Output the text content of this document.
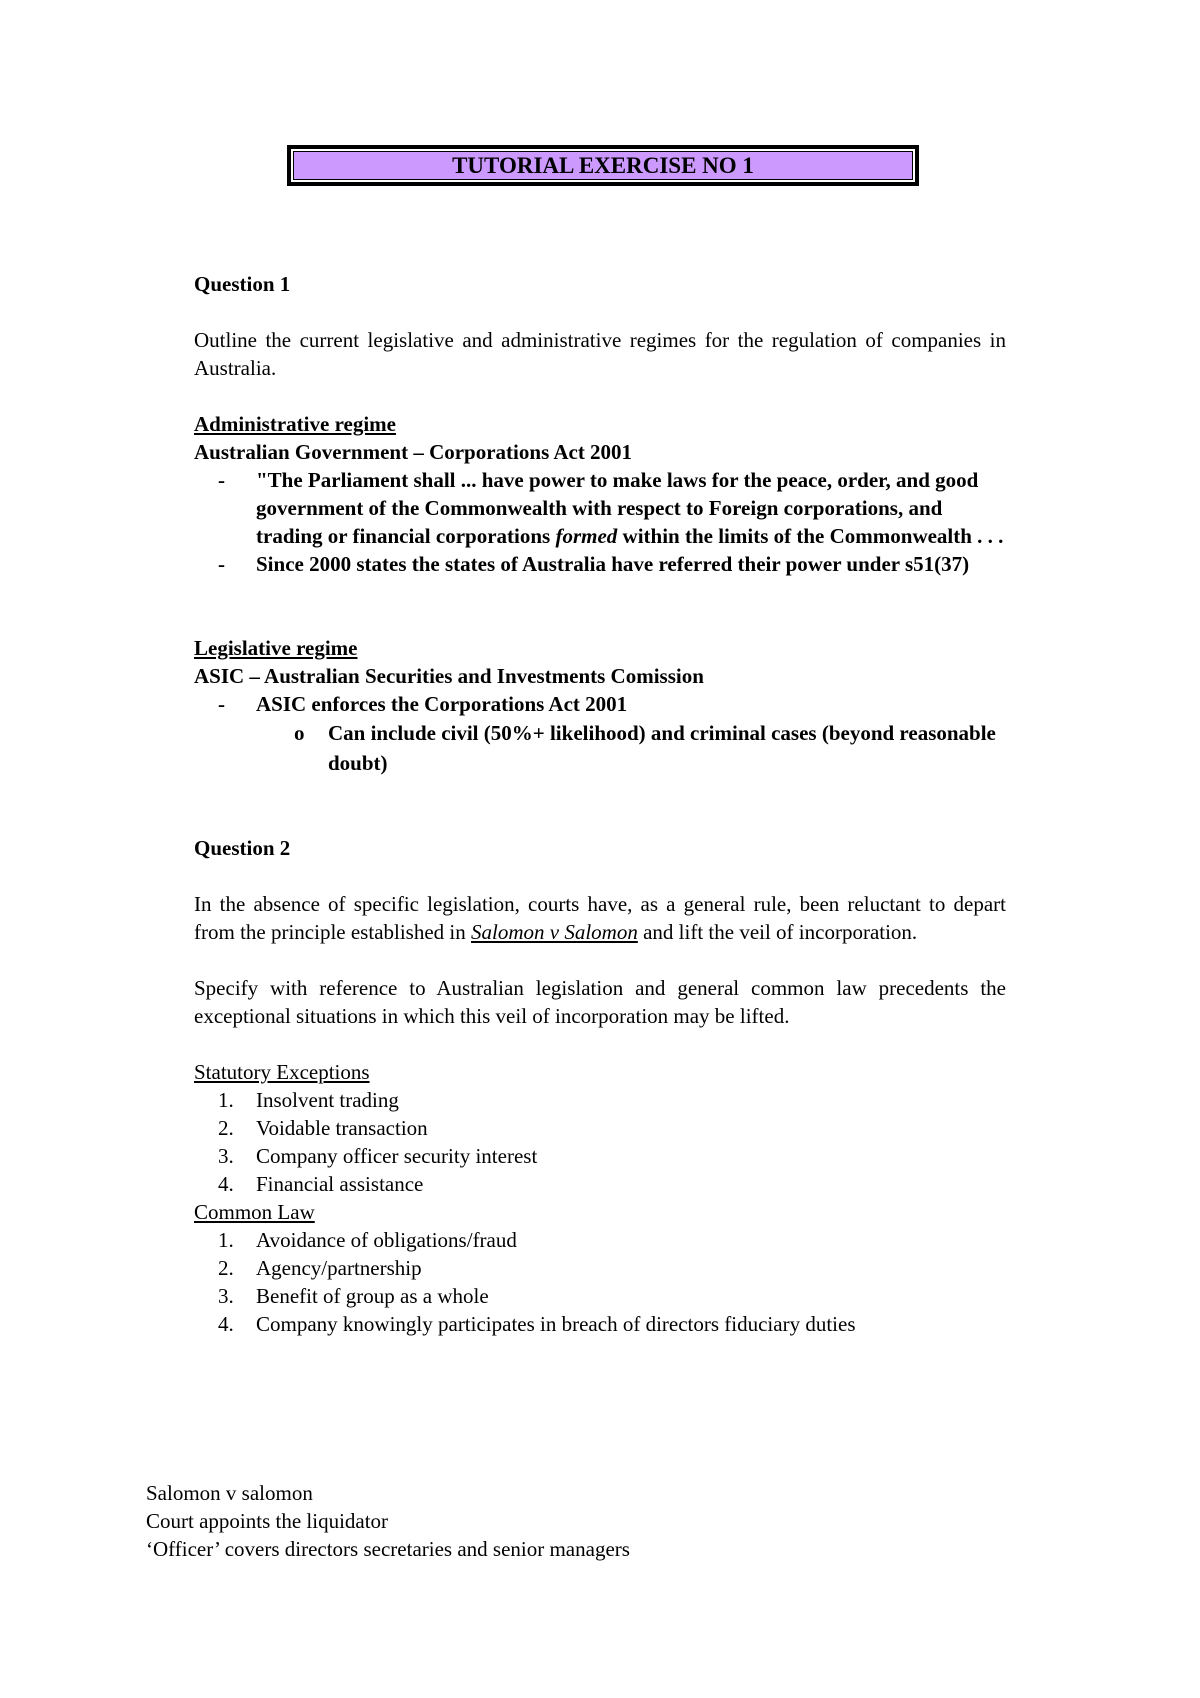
TUTORIAL EXERCISE NO 1
Question 1
Outline the current legislative and administrative regimes for the regulation of companies in Australia.
Administrative regime
Australian Government – Corporations Act 2001
- "The Parliament shall ... have power to make laws for the peace, order, and good government of the Commonwealth with respect to Foreign corporations, and trading or financial corporations formed within the limits of the Commonwealth . . .
- Since 2000 states the states of Australia have referred their power under s51(37)
Legislative regime
ASIC – Australian Securities and Investments Comission
- ASIC enforces the Corporations Act 2001
o Can include civil (50%+ likelihood) and criminal cases (beyond reasonable doubt)
Question 2
In the absence of specific legislation, courts have, as a general rule, been reluctant to depart from the principle established in Salomon v Salomon and lift the veil of incorporation.
Specify with reference to Australian legislation and general common law precedents the exceptional situations in which this veil of incorporation may be lifted.
Statutory Exceptions
1. Insolvent trading
2. Voidable transaction
3. Company officer security interest
4. Financial assistance
Common Law
1. Avoidance of obligations/fraud
2. Agency/partnership
3. Benefit of group as a whole
4. Company knowingly participates in breach of directors fiduciary duties
Salomon v salomon
Court appoints the liquidator
‘Officer’ covers directors secretaries and senior managers
